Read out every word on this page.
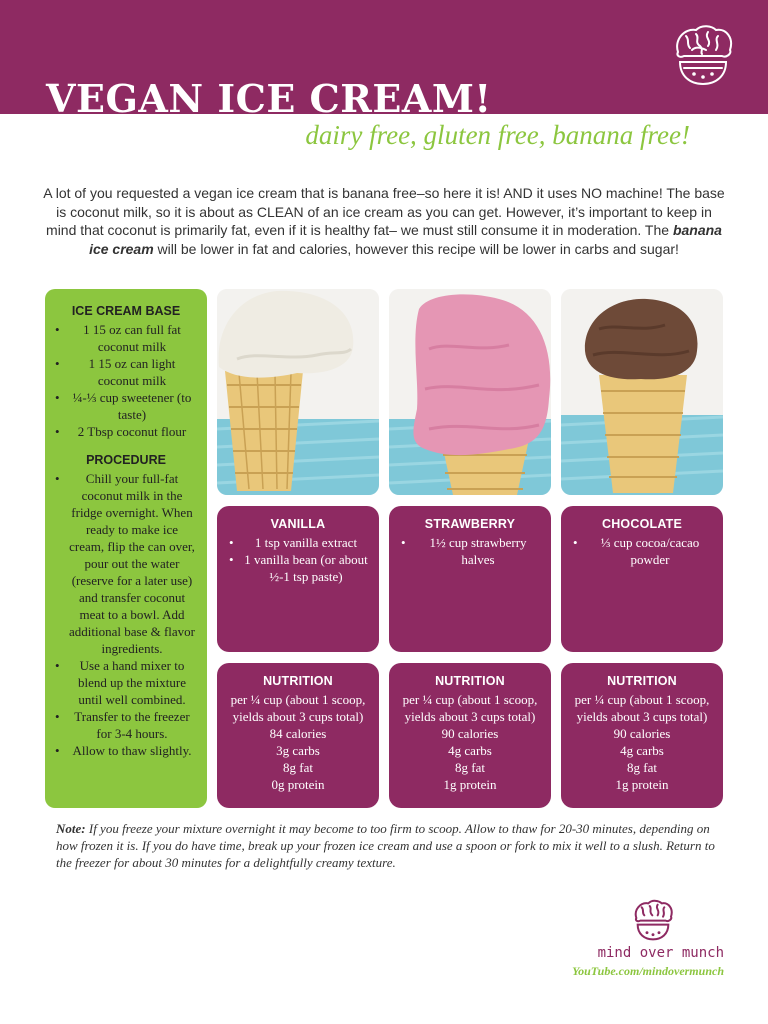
VEGAN ICE CREAM!
dairy free, gluten free, banana free!

A lot of you requested a vegan ice cream that is banana free–so here it is! AND it uses NO machine! The base is coconut milk, so it is about as CLEAN of an ice cream as you can get. However, it’s important to keep in mind that coconut is primarily fat, even if it is healthy fat– we must still consume it in moderation. The banana ice cream will be lower in fat and calories, however this recipe will be lower in carbs and sugar!

ICE CREAM BASE
• 1 15 oz can full fat coconut milk
• 1 15 oz can light coconut milk
• ¼-⅓ cup sweetener (to taste)
• 2 Tbsp coconut flour
PROCEDURE
• Chill your full-fat coconut milk in the fridge overnight. When ready to make ice cream, flip the can over, pour out the water (reserve for a later use) and transfer coconut meat to a bowl. Add additional base & flavor ingredients.
• Use a hand mixer to blend up the mixture until well combined.
• Transfer to the freezer for 3-4 hours.
• Allow to thaw slightly.
VANILLA
• 1 tsp vanilla extract
• 1 vanilla bean (or about ½-1 tsp paste)
STRAWBERRY
• 1½ cup strawberry halves
CHOCOLATE
• ⅓ cup cocoa/cacao powder
NUTRITION
per ¼ cup (about 1 scoop, yields about 3 cups total)
84 calories
3g carbs
8g fat
0g protein
NUTRITION
per ¼ cup (about 1 scoop, yields about 3 cups total)
90 calories
4g carbs
8g fat
1g protein
NUTRITION
per ¼ cup (about 1 scoop, yields about 3 cups total)
90 calories
4g carbs
8g fat
1g protein

Note: If you freeze your mixture overnight it may become to too firm to scoop. Allow to thaw for 20-30 minutes, depending on how frozen it is. If you do have time, break up your frozen ice cream and use a spoon or fork to mix it well to a slush. Return to the freezer for about 30 minutes for a delightfully creamy texture.

mind over munch
YouTube.com/mindovermunch
